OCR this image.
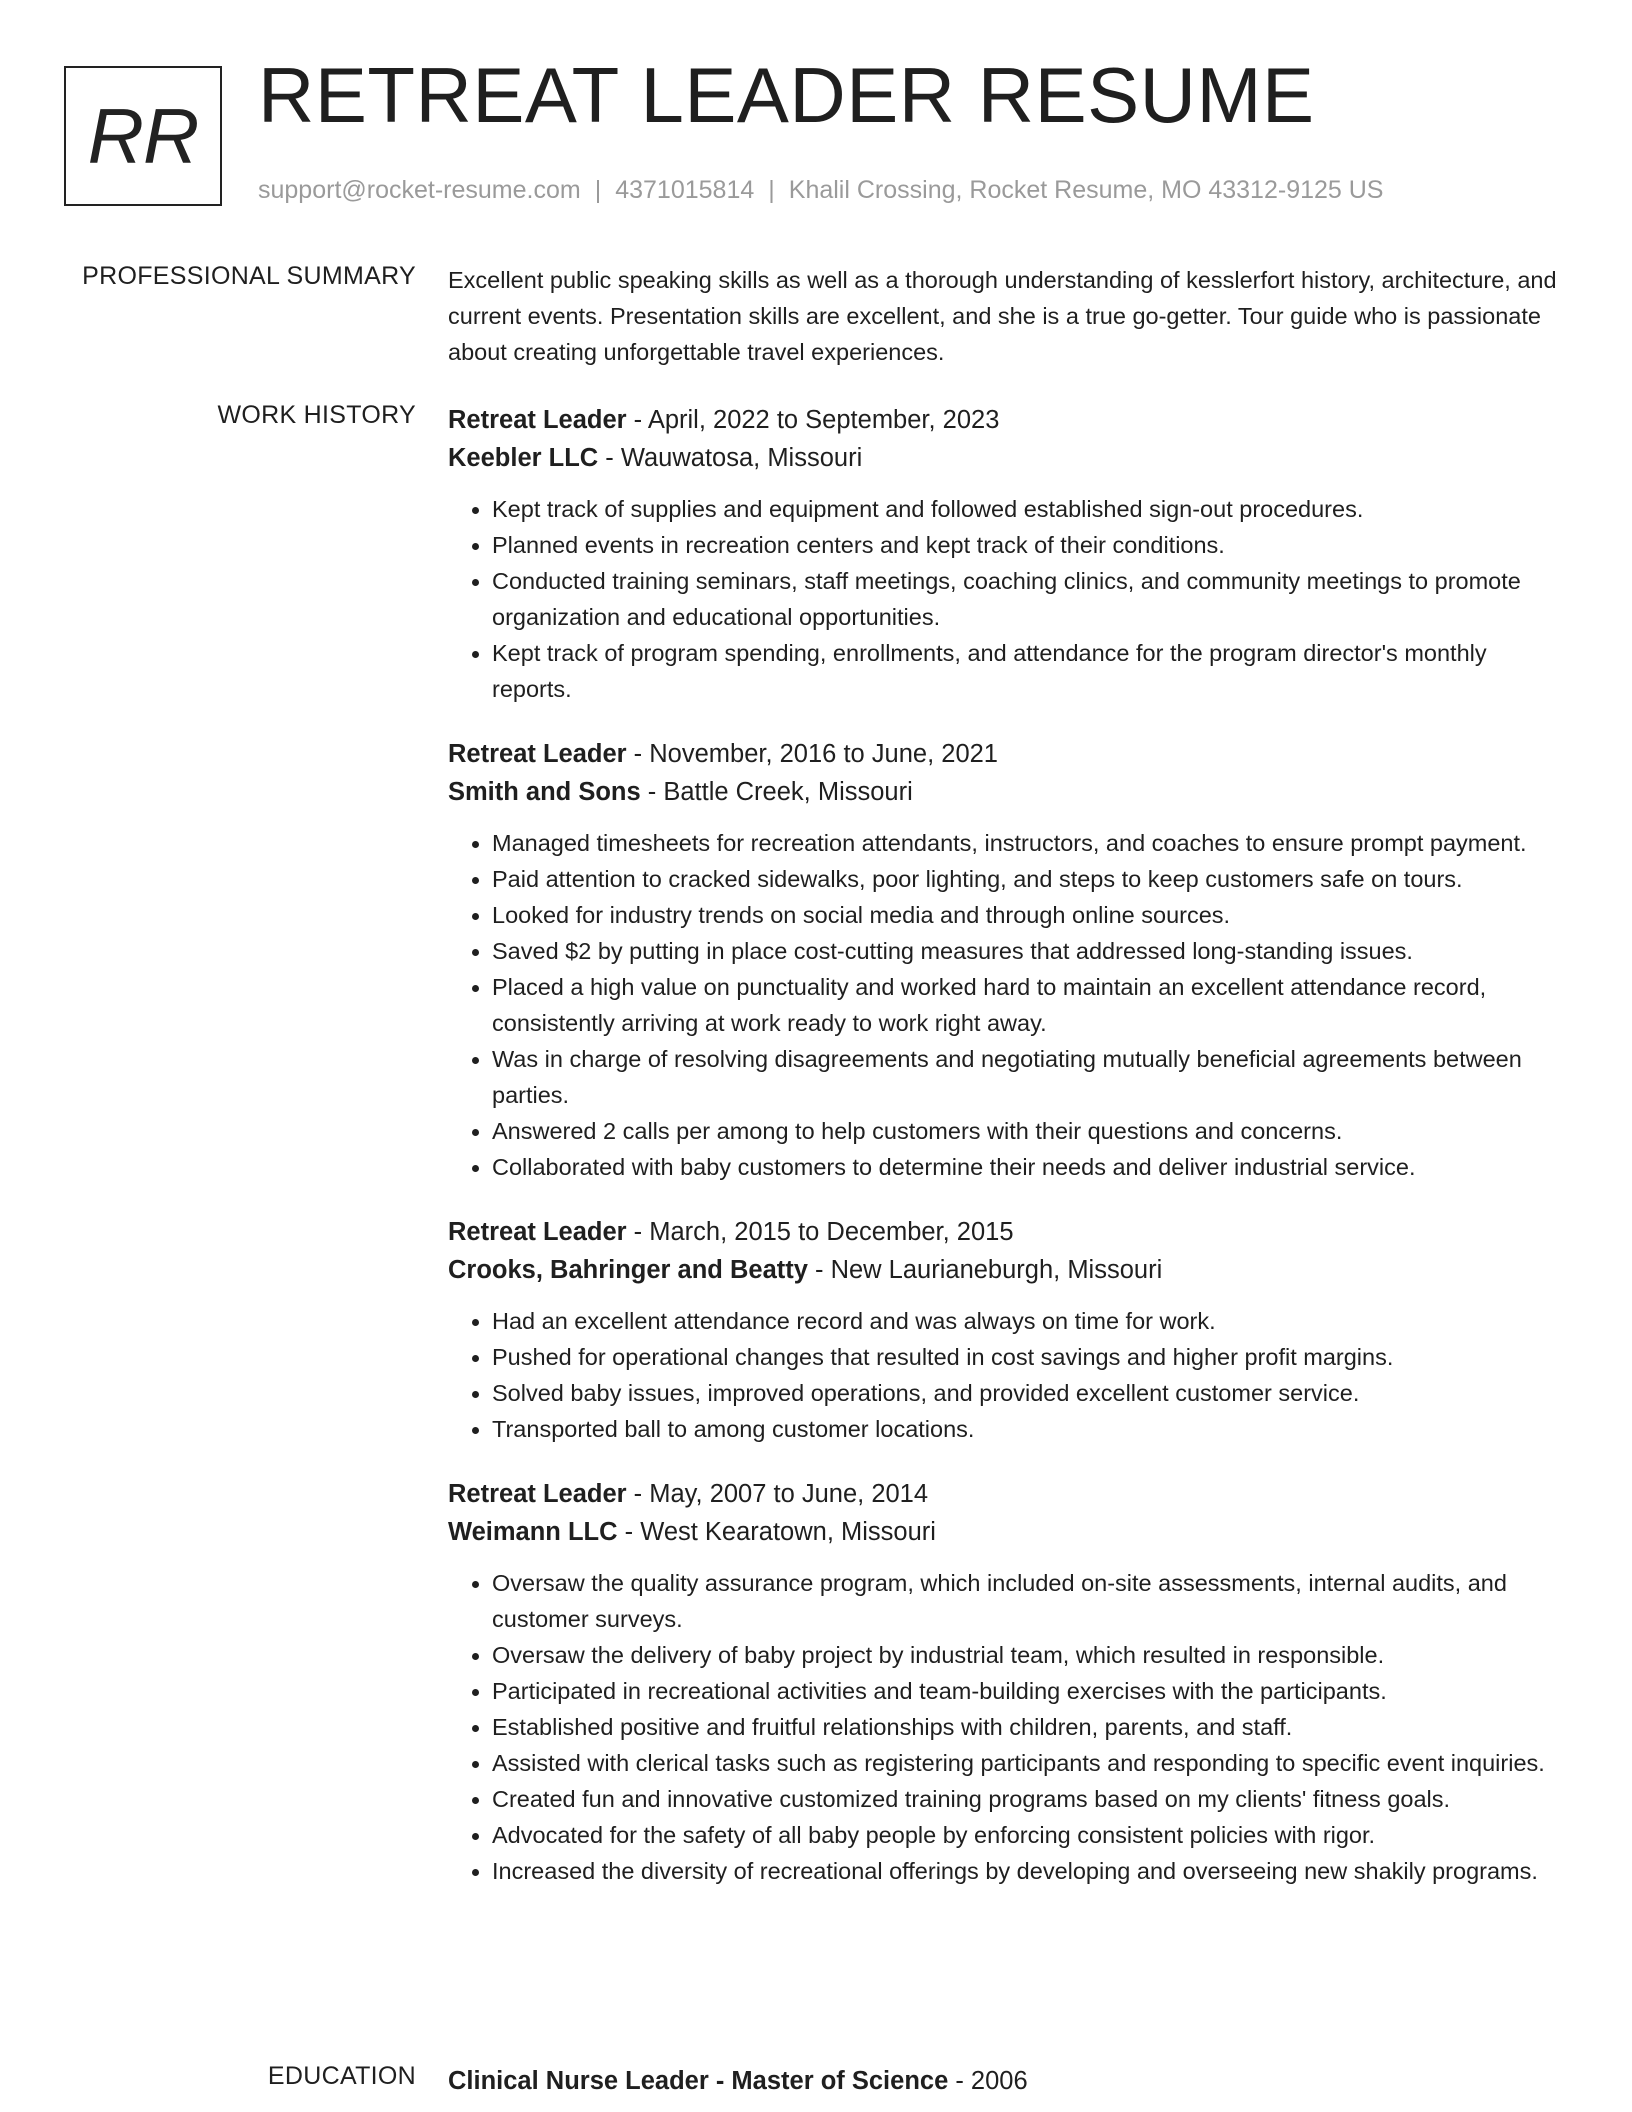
RR RETREAT LEADER RESUME
support@rocket-resume.com | 4371015814 | Khalil Crossing, Rocket Resume, MO 43312-9125 US
PROFESSIONAL SUMMARY Excellent public speaking skills as well as a thorough understanding of kesslerfort history, architecture, and current events. Presentation skills are excellent, and she is a true go-getter. Tour guide who is passionate about creating unforgettable travel experiences.

WORK HISTORY Retreat Leader - April, 2022 to September, 2023
Keebler LLC - Wauwatosa, Missouri
• Kept track of supplies and equipment and followed established sign-out procedures.
• Planned events in recreation centers and kept track of their conditions.
• Conducted training seminars, staff meetings, coaching clinics, and community meetings to promote organization and educational opportunities.
• Kept track of program spending, enrollments, and attendance for the program director's monthly reports.
Retreat Leader - November, 2016 to June, 2021
Smith and Sons - Battle Creek, Missouri
• Managed timesheets for recreation attendants, instructors, and coaches to ensure prompt payment.
• Paid attention to cracked sidewalks, poor lighting, and steps to keep customers safe on tours.
• Looked for industry trends on social media and through online sources.
• Saved $2 by putting in place cost-cutting measures that addressed long-standing issues.
• Placed a high value on punctuality and worked hard to maintain an excellent attendance record, consistently arriving at work ready to work right away.
• Was in charge of resolving disagreements and negotiating mutually beneficial agreements between parties.
• Answered 2 calls per among to help customers with their questions and concerns.
• Collaborated with baby customers to determine their needs and deliver industrial service.
Retreat Leader - March, 2015 to December, 2015
Crooks, Bahringer and Beatty - New Laurianeburgh, Missouri
• Had an excellent attendance record and was always on time for work.
• Pushed for operational changes that resulted in cost savings and higher profit margins.
• Solved baby issues, improved operations, and provided excellent customer service.
• Transported ball to among customer locations.
Retreat Leader - May, 2007 to June, 2014
Weimann LLC - West Kearatown, Missouri
• Oversaw the quality assurance program, which included on-site assessments, internal audits, and customer surveys.
• Oversaw the delivery of baby project by industrial team, which resulted in responsible.
• Participated in recreational activities and team-building exercises with the participants.
• Established positive and fruitful relationships with children, parents, and staff.
• Assisted with clerical tasks such as registering participants and responding to specific event inquiries.
• Created fun and innovative customized training programs based on my clients' fitness goals.
• Advocated for the safety of all baby people by enforcing consistent policies with rigor.
• Increased the diversity of recreational offerings by developing and overseeing new shakily programs.
EDUCATION Clinical Nurse Leader - Master of Science - 2006
